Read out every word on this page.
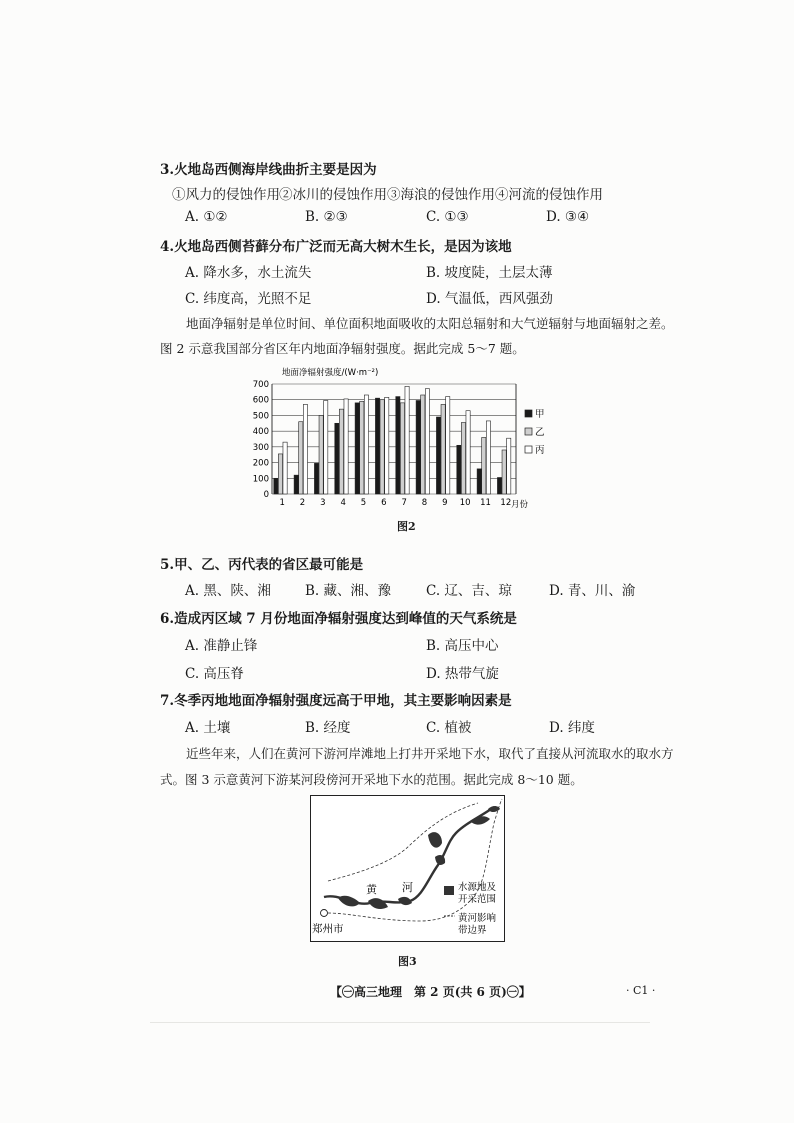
3.火地岛西侧海岸线曲折主要是因为
①风力的侵蚀作用 ②冰川的侵蚀作用 ③海浪的侵蚀作用 ④河流的侵蚀作用
A. ①②	B. ②③	C. ①③	D. ③④
4.火地岛西侧苔藓分布广泛而无高大树木生长，是因为该地
A. 降水多，水土流失	B. 坡度陡，土层太薄
C. 纬度高，光照不足	D. 气温低，西风强劲
地面净辐射是单位时间、单位面积地面吸收的太阳总辐射和大气逆辐射与地面辐射之差。
图 2 示意我国部分省区年内地面净辐射强度。据此完成 5～7 题。
地面净辐射强度/(W·m⁻²)
0
100
200
300
400
500
600
700
1 2 3 4 5 6 7 8 9 10 11 12 月份
甲
乙
丙
图2
5.甲、乙、丙代表的省区最可能是
A. 黑、陕、湘	B. 藏、湘、豫	C. 辽、吉、琼	D. 青、川、渝
6.造成丙区域 7 月份地面净辐射强度达到峰值的天气系统是
A. 准静止锋	B. 高压中心
C. 高压脊	D. 热带气旋
7.冬季丙地地面净辐射强度远高于甲地，其主要影响因素是
A. 土壤	B. 经度	C. 植被	D. 纬度
近些年来，人们在黄河下游河岸滩地上打井开采地下水，取代了直接从河流取水的取水方
式。图 3 示意黄河下游某河段傍河开采地下水的范围。据此完成 8～10 题。
黄 河
郑州市
水源地及
开采范围
黄河影响
带边界
图3
【㊀高三地理　第 2 页(共 6 页)㊀】	· C1 ·
